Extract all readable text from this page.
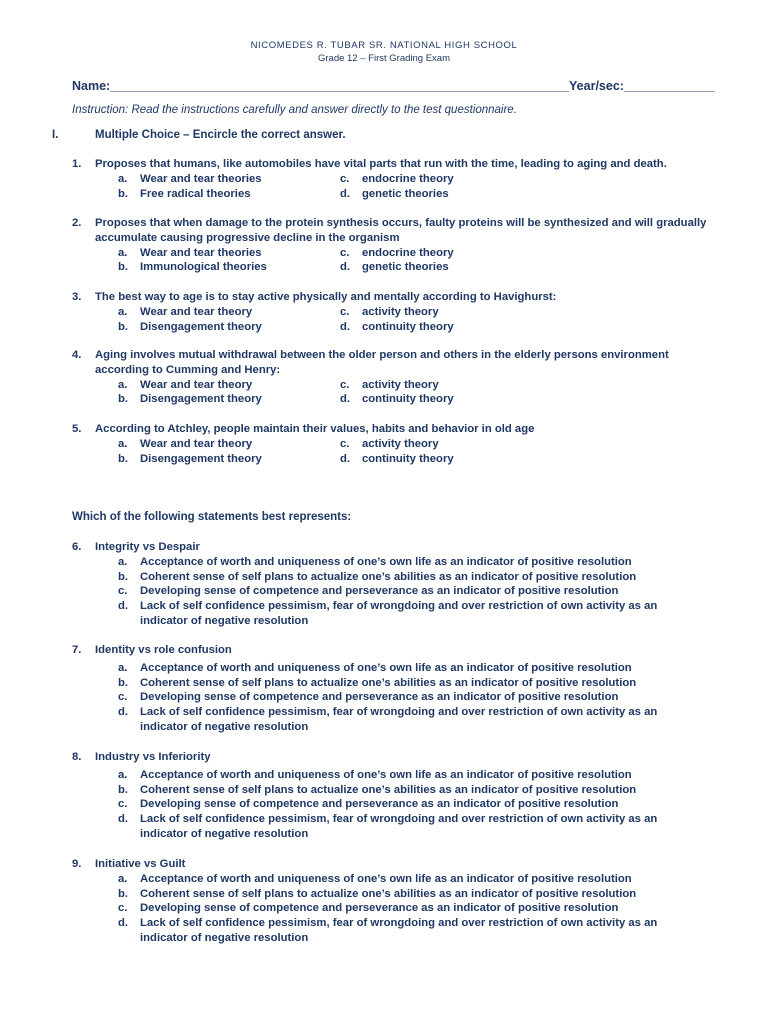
NICOMEDES R. TUBAR SR. NATIONAL HIGH SCHOOL
Grade 12 – First Grading Exam
Name:__________________________________________________________________Year/sec:_____________
Instruction: Read the instructions carefully and answer directly to the test questionnaire.
I.	Multiple Choice – Encircle the correct answer.
1. Proposes that humans, like automobiles have vital parts that run with the time, leading to aging and death.
a.	Wear and tear theories	c.	endocrine theory
b.	Free radical theories	d.	genetic theories
2. Proposes that when damage to the protein synthesis occurs, faulty proteins will be synthesized and will gradually accumulate causing progressive decline in the organism
a.	Wear and tear theories	c.	endocrine theory
b.	Immunological theories	d.	genetic theories
3. The best way to age is to stay active physically and mentally according to Havighurst:
a.	Wear and tear theory	c.	activity theory
b.	Disengagement theory	d.	continuity theory
4. Aging involves mutual withdrawal between the older person and others in the elderly persons environment according to Cumming and Henry:
a.	Wear and tear theory	c.	activity theory
b.	Disengagement theory	d.	continuity theory
5. According to Atchley, people maintain their values, habits and behavior in old age
a.	Wear and tear theory	c.	activity theory
b.	Disengagement theory	d.	continuity theory
Which of the following statements best represents:
6. Integrity vs Despair
a.	Acceptance of worth and uniqueness of one’s own life as an indicator of positive resolution
b.	Coherent sense of self plans to actualize one’s abilities as an indicator of positive resolution
c.	Developing sense of competence and perseverance as an indicator of positive resolution
d.	Lack of self confidence pessimism, fear of wrongdoing and over restriction of own activity as an indicator of negative resolution
7. Identity vs role confusion
a.	Acceptance of worth and uniqueness of one’s own life as an indicator of positive resolution
b.	Coherent sense of self plans to actualize one’s abilities as an indicator of positive resolution
c.	Developing sense of competence and perseverance as an indicator of positive resolution
d.	Lack of self confidence pessimism, fear of wrongdoing and over restriction of own activity as an indicator of negative resolution
8. Industry vs Inferiority
a.	Acceptance of worth and uniqueness of one’s own life as an indicator of positive resolution
b.	Coherent sense of self plans to actualize one’s abilities as an indicator of positive resolution
c.	Developing sense of competence and perseverance as an indicator of positive resolution
d.	Lack of self confidence pessimism, fear of wrongdoing and over restriction of own activity as an indicator of negative resolution
9. Initiative vs Guilt
a.	Acceptance of worth and uniqueness of one’s own life as an indicator of positive resolution
b.	Coherent sense of self plans to actualize one’s abilities as an indicator of positive resolution
c.	Developing sense of competence and perseverance as an indicator of positive resolution
d.	Lack of self confidence pessimism, fear of wrongdoing and over restriction of own activity as an indicator of negative resolution
